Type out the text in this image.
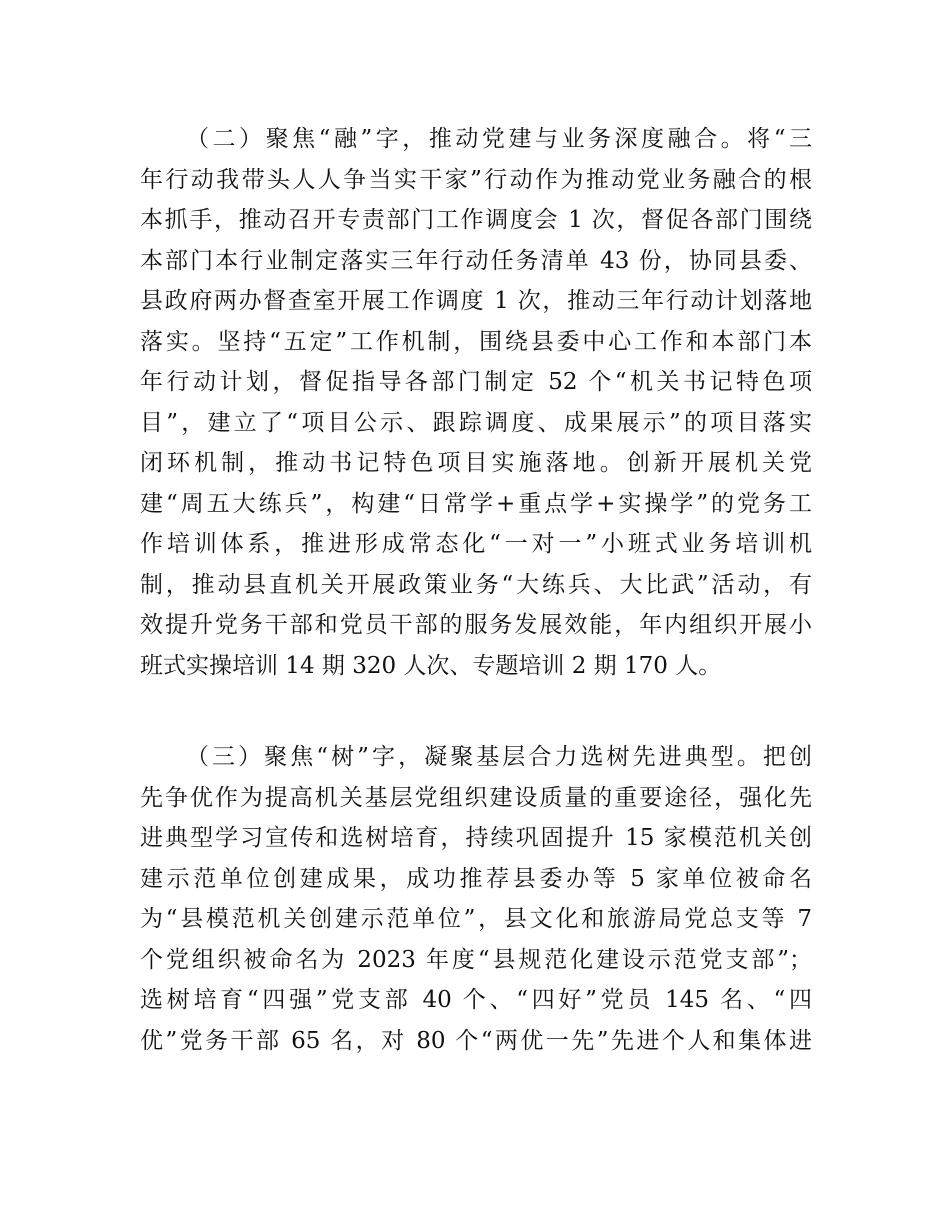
（二）聚焦“融”字，推动党建与业务深度融合。将“三
年行动我带头人人争当实干家”行动作为推动党业务融合的根
本抓手，推动召开专责部门工作调度会 1 次，督促各部门围绕
本部门本行业制定落实三年行动任务清单 43 份，协同县委、
县政府两办督查室开展工作调度 1 次，推动三年行动计划落地
落实。坚持“五定”工作机制，围绕县委中心工作和本部门本
年行动计划，督促指导各部门制定 52 个“机关书记特色项
目”，建立了“项目公示、跟踪调度、成果展示”的项目落实
闭环机制，推动书记特色项目实施落地。创新开展机关党
建“周五大练兵”，构建“日常学+重点学+实操学”的党务工
作培训体系，推进形成常态化“一对一”小班式业务培训机
制，推动县直机关开展政策业务“大练兵、大比武”活动，有
效提升党务干部和党员干部的服务发展效能，年内组织开展小
班式实操培训 14 期 320 人次、专题培训 2 期 170 人。
（三）聚焦“树”字，凝聚基层合力选树先进典型。把创
先争优作为提高机关基层党组织建设质量的重要途径，强化先
进典型学习宣传和选树培育，持续巩固提升 15 家模范机关创
建示范单位创建成果，成功推荐县委办等 5 家单位被命名
为“县模范机关创建示范单位”，县文化和旅游局党总支等 7
个党组织被命名为 2023 年度“县规范化建设示范党支部”；
选树培育“四强”党支部 40 个、“四好”党员 145 名、“四
优”党务干部 65 名，对 80 个“两优一先”先进个人和集体进
